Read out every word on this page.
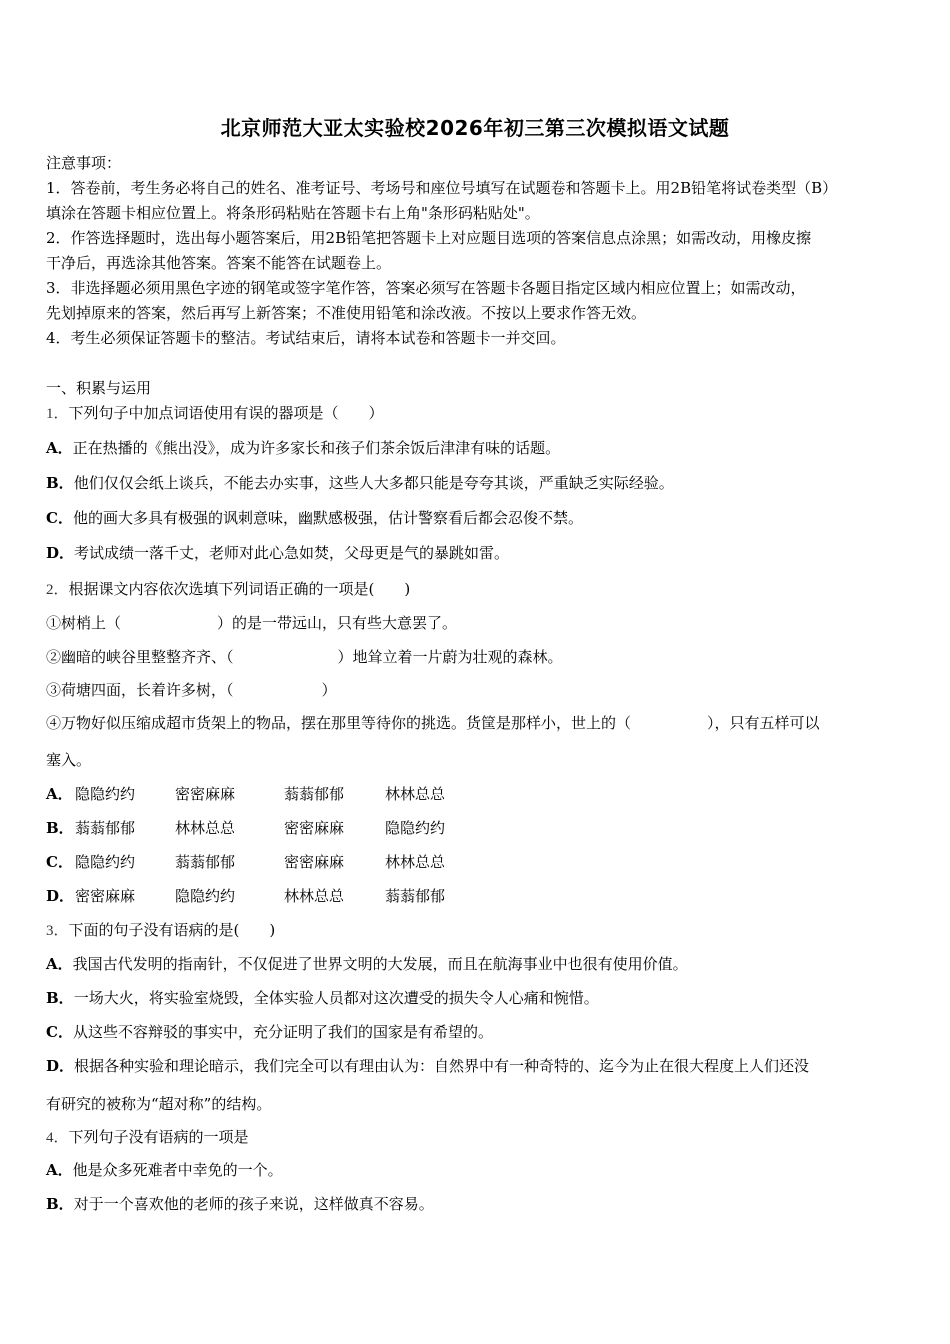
北京师范大亚太实验校2026年初三第三次模拟语文试题
注意事项：
1．答卷前，考生务必将自己的姓名、准考证号、考场号和座位号填写在试题卷和答题卡上。用2B铅笔将试卷类型（B）
填涂在答题卡相应位置上。将条形码粘贴在答题卡右上角"条形码粘贴处"。
2．作答选择题时，选出每小题答案后，用2B铅笔把答题卡上对应题目选项的答案信息点涂黑；如需改动，用橡皮擦
干净后，再选涂其他答案。答案不能答在试题卷上。
3．非选择题必须用黑色字迹的钢笔或签字笔作答，答案必须写在答题卡各题目指定区域内相应位置上；如需改动，
先划掉原来的答案，然后再写上新答案；不准使用铅笔和涂改液。不按以上要求作答无效。
4．考生必须保证答题卡的整洁。考试结束后，请将本试卷和答题卡一并交回。
一、积累与运用
1．下列句子中加点词语使用有误的器项是（　　）
A．正在热播的《熊出没》，成为许多家长和孩子们茶余饭后津津有味的话题。
B．他们仅仅会纸上谈兵，不能去办实事，这些人大多都只能是夸夸其谈，严重缺乏实际经验。
C．他的画大多具有极强的讽刺意味，幽默感极强，估计警察看后都会忍俊不禁。
D．考试成绩一落千丈，老师对此心急如焚，父母更是气的暴跳如雷。
2．根据课文内容依次选填下列词语正确的一项是(　　)
①树梢上（	）的是一带远山，只有些大意罢了。
②幽暗的峡谷里整整齐齐、（	）地耸立着一片蔚为壮观的森林。
③荷塘四面，长着许多树，（	）
④万物好似压缩成超市货架上的物品，摆在那里等待你的挑选。货筐是那样小，世上的（	），只有五样可以
塞入。
A． 隐隐约约	密密麻麻	蓊蓊郁郁	林林总总
B． 蓊蓊郁郁	林林总总	密密麻麻	隐隐约约
C． 隐隐约约	蓊蓊郁郁	密密麻麻	林林总总
D． 密密麻麻	隐隐约约	林林总总	蓊蓊郁郁
3．下面的句子没有语病的是(　　)
A．我国古代发明的指南针，不仅促进了世界文明的大发展，而且在航海事业中也很有使用价值。
B．一场大火，将实验室烧毁，全体实验人员都对这次遭受的损失令人心痛和惋惜。
C．从这些不容辩驳的事实中，充分证明了我们的国家是有希望的。
D．根据各种实验和理论暗示，我们完全可以有理由认为：自然界中有一种奇特的、迄今为止在很大程度上人们还没
有研究的被称为“超对称”的结构。
4．下列句子没有语病的一项是
A．他是众多死难者中幸免的一个。
B．对于一个喜欢他的老师的孩子来说，这样做真不容易。
